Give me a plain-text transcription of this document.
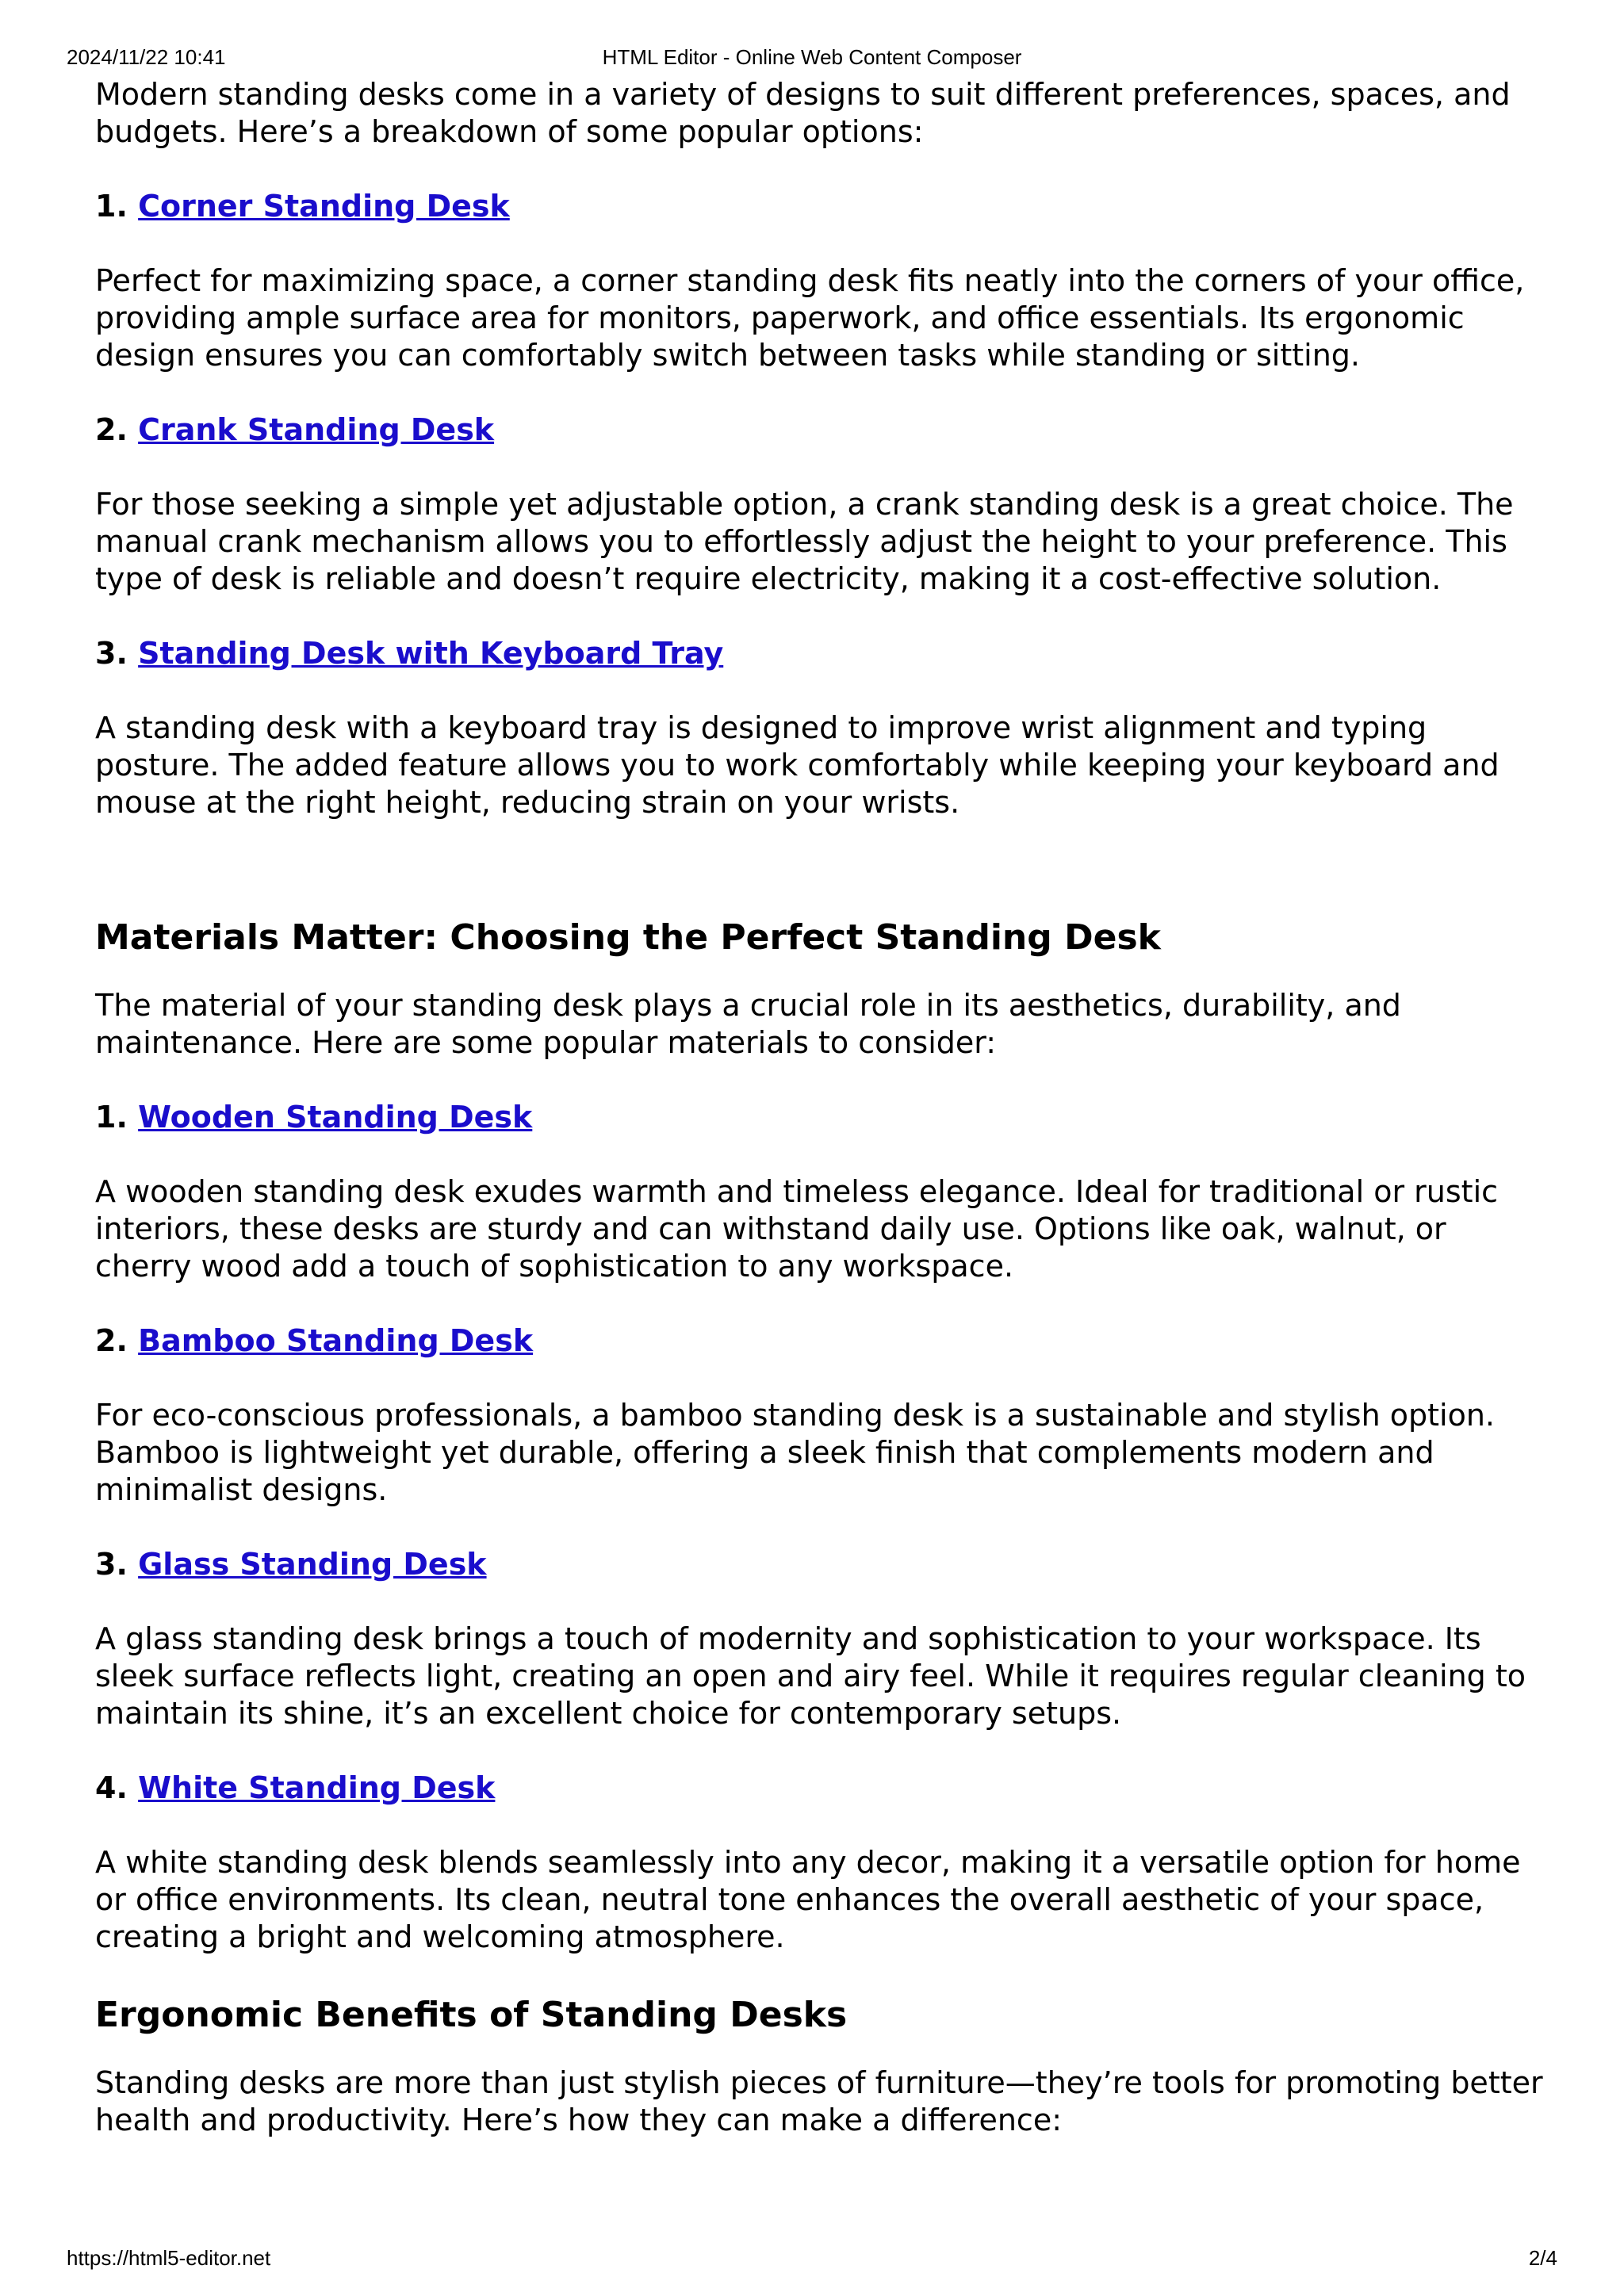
2024/11/22 10:41	HTML Editor - Online Web Content Composer

Modern standing desks come in a variety of designs to suit different preferences, spaces, and budgets. Here’s a breakdown of some popular options:

1. Corner Standing Desk

Perfect for maximizing space, a corner standing desk fits neatly into the corners of your office, providing ample surface area for monitors, paperwork, and office essentials. Its ergonomic design ensures you can comfortably switch between tasks while standing or sitting.

2. Crank Standing Desk

For those seeking a simple yet adjustable option, a crank standing desk is a great choice. The manual crank mechanism allows you to effortlessly adjust the height to your preference. This type of desk is reliable and doesn’t require electricity, making it a cost-effective solution.

3. Standing Desk with Keyboard Tray

A standing desk with a keyboard tray is designed to improve wrist alignment and typing posture. The added feature allows you to work comfortably while keeping your keyboard and mouse at the right height, reducing strain on your wrists.

Materials Matter: Choosing the Perfect Standing Desk

The material of your standing desk plays a crucial role in its aesthetics, durability, and maintenance. Here are some popular materials to consider:

1. Wooden Standing Desk

A wooden standing desk exudes warmth and timeless elegance. Ideal for traditional or rustic interiors, these desks are sturdy and can withstand daily use. Options like oak, walnut, or cherry wood add a touch of sophistication to any workspace.

2. Bamboo Standing Desk

For eco-conscious professionals, a bamboo standing desk is a sustainable and stylish option. Bamboo is lightweight yet durable, offering a sleek finish that complements modern and minimalist designs.

3. Glass Standing Desk

A glass standing desk brings a touch of modernity and sophistication to your workspace. Its sleek surface reflects light, creating an open and airy feel. While it requires regular cleaning to maintain its shine, it’s an excellent choice for contemporary setups.

4. White Standing Desk

A white standing desk blends seamlessly into any decor, making it a versatile option for home or office environments. Its clean, neutral tone enhances the overall aesthetic of your space, creating a bright and welcoming atmosphere.

Ergonomic Benefits of Standing Desks

Standing desks are more than just stylish pieces of furniture—they’re tools for promoting better health and productivity. Here’s how they can make a difference:

https://html5-editor.net	2/4
